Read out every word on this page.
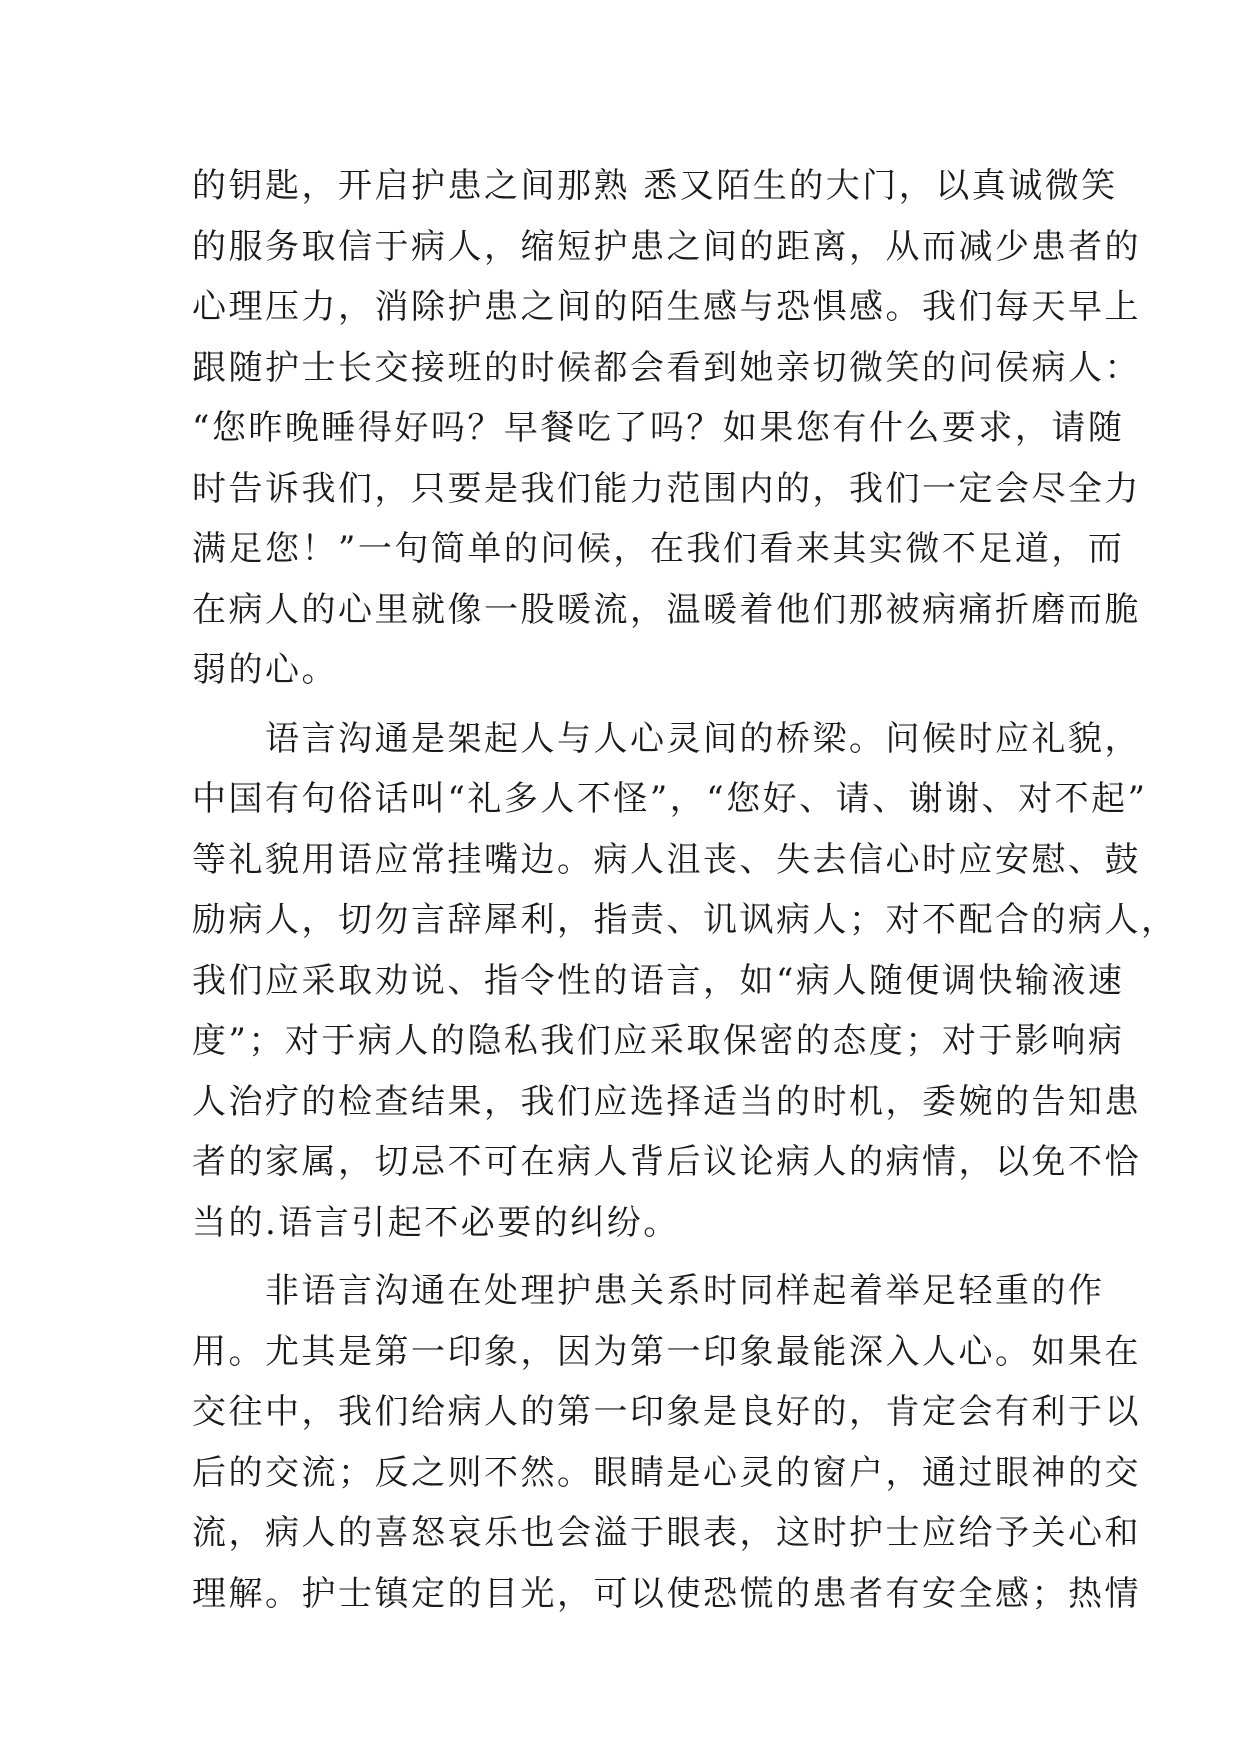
的钥匙，开启护患之间那熟 悉又陌生的大门，以真诚微笑
的服务取信于病人，缩短护患之间的距离，从而减少患者的
心理压力，消除护患之间的陌生感与恐惧感。我们每天早上
跟随护士长交接班的时候都会看到她亲切微笑的问侯病人：
“您昨晚睡得好吗？早餐吃了吗？如果您有什么要求，请随
时告诉我们，只要是我们能力范围内的，我们一定会尽全力
满足您！”一句简单的问候，在我们看来其实微不足道，而
在病人的心里就像一股暖流，温暖着他们那被病痛折磨而脆
弱的心。
　　语言沟通是架起人与人心灵间的桥梁。问候时应礼貌，
中国有句俗话叫“礼多人不怪”，“您好、请、谢谢、对不起”
等礼貌用语应常挂嘴边。病人沮丧、失去信心时应安慰、鼓
励病人，切勿言辞犀利，指责、讥讽病人；对不配合的病人，
我们应采取劝说、指令性的语言，如“病人随便调快输液速
度”；对于病人的隐私我们应采取保密的态度；对于影响病
人治疗的检查结果，我们应选择适当的时机，委婉的告知患
者的家属，切忌不可在病人背后议论病人的病情，以免不恰
当的.语言引起不必要的纠纷。
　　非语言沟通在处理护患关系时同样起着举足轻重的作
用。尤其是第一印象，因为第一印象最能深入人心。如果在
交往中，我们给病人的第一印象是良好的，肯定会有利于以
后的交流；反之则不然。眼睛是心灵的窗户，通过眼神的交
流，病人的喜怒哀乐也会溢于眼表，这时护士应给予关心和
理解。护士镇定的目光，可以使恐慌的患者有安全感；热情
